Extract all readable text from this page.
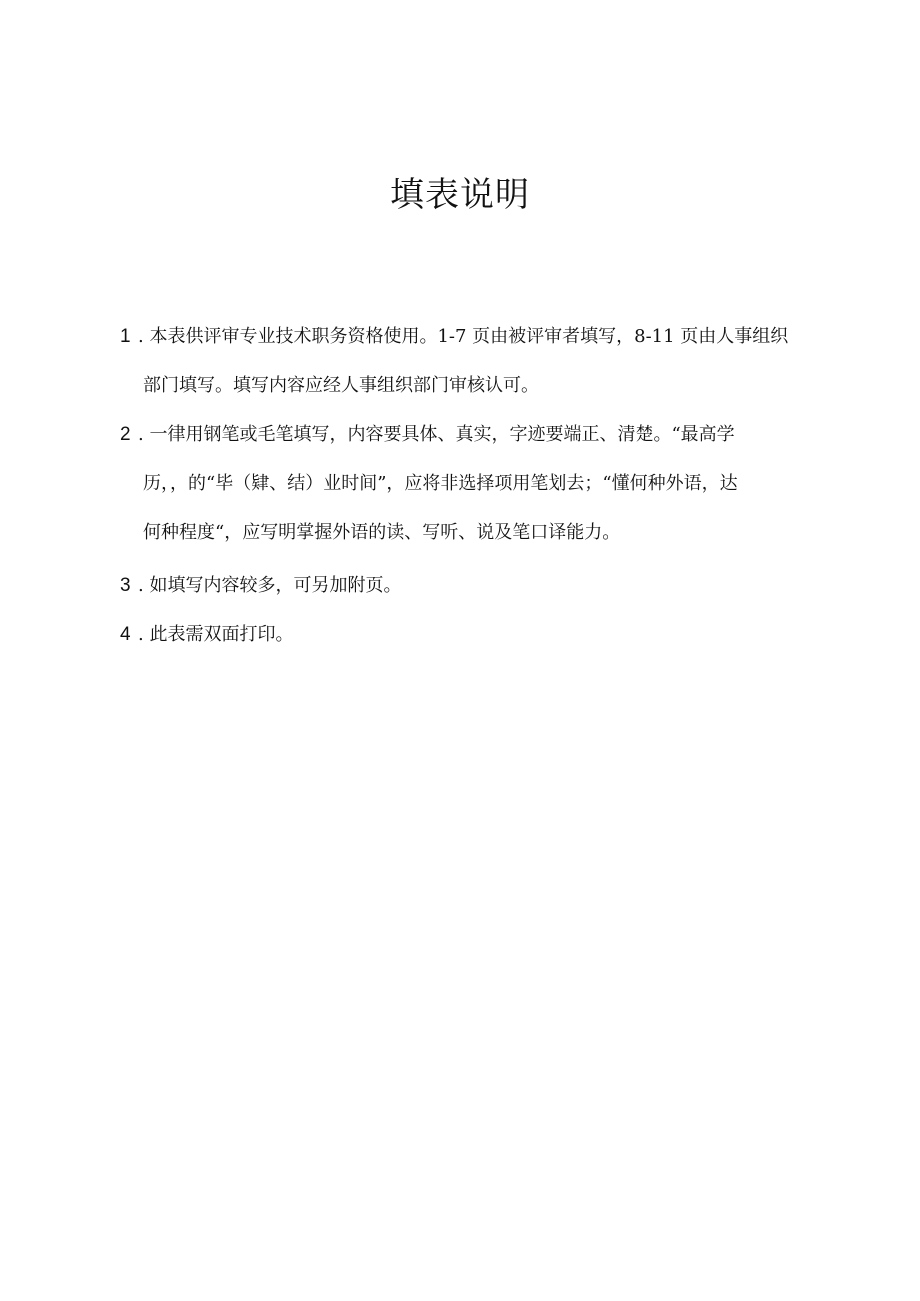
填表说明
1 . 本表供评审专业技术职务资格使用。1-7 页由被评审者填写，8-11 页由人事组织
部门填写。填写内容应经人事组织部门审核认可。
2 . 一律用钢笔或毛笔填写，内容要具体、真实，字迹要端正、清楚。“最高学
历，，的“毕（肄、结）业时间”，应将非选择项用笔划去；“懂何种外语，达
何种程度“，应写明掌握外语的读、写听、说及笔口译能力。
3 . 如填写内容较多，可另加附页。
4 . 此表需双面打印。
